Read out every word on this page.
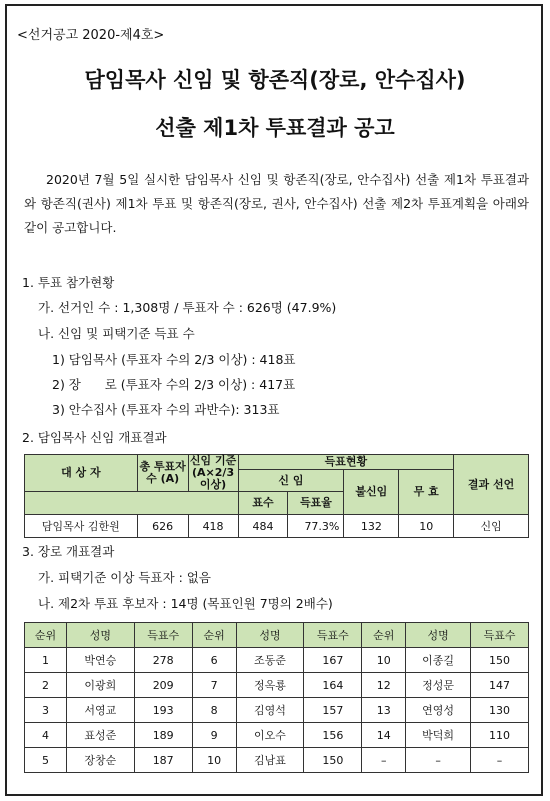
<선거공고 2020-제4호>
담임목사 신임 및 항존직(장로, 안수집사)
선출 제1차 투표결과 공고
2020년 7월 5일 실시한 담임목사 신임 및 항존직(장로, 안수집사) 선출 제1차 투표결과와 항존직(권사) 제1차 투표 및 항존직(장로, 권사, 안수집사) 선출 제2차 투표계획을 아래와 같이 공고합니다.
1. 투표 참가현황
가. 선거인 수 : 1,308명 / 투표자 수 : 626명 (47.9%)
나. 신임 및 피택기준 득표 수
1) 담임목사 (투표자 수의 2/3 이상) : 418표
2) 장      로 (투표자 수의 2/3 이상) : 417표
3) 안수집사 (투표자 수의 과반수): 313표
2. 담임목사 신임 개표결과
대 상 자	총 투표자수 (A)	신임 기준 (A×2/3 이상)	득표현황				결과 선언
			신 임		불신임	무 효	
			표수	득표율			
담임목사 김한원	626	418	484	77.3%	132	10	신임
3. 장로 개표결과
가. 피택기준 이상 득표자 : 없음
나. 제2차 투표 후보자 : 14명 (목표인원 7명의 2배수)
순위	성명	득표수	순위	성명	득표수	순위	성명	득표수
1	박연승	278	6	조동준	167	10	이종길	150
2	이광희	209	7	정옥룡	164	12	정성문	147
3	서영교	193	8	김영석	157	13	연영성	130
4	표성준	189	9	이오수	156	14	박덕희	110
5	장창순	187	10	김남표	150	–	–	–
